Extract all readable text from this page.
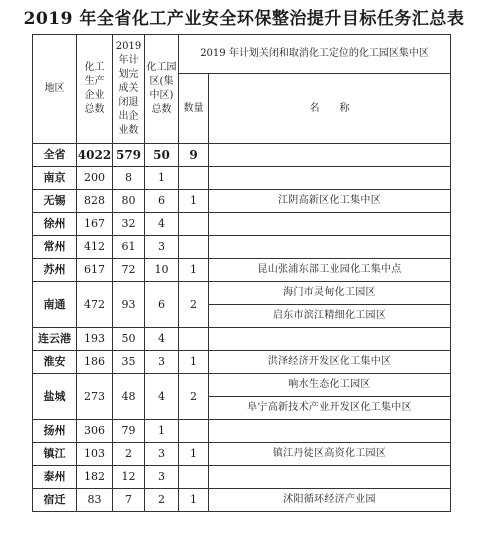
2019 年全省化工产业安全环保整治提升目标任务汇总表
地区	化工生产企业总数	2019年计划完成关闭退出企业数	化工园区(集中区)总数	2019 年计划关闭和取消化工定位的化工园区集中区	
				数量	名　　称
全省	4022	579	50	9	
南京	200	8	1		
无锡	828	80	6	1	江阴高新区化工集中区
徐州	167	32	4		
常州	412	61	3		
苏州	617	72	10	1	昆山张浦东部工业园化工集中点
南通	472	93	6	2	海门市灵甸化工园区
					启东市滨江精细化工园区
连云港	193	50	4		
淮安	186	35	3	1	洪泽经济开发区化工集中区
盐城	273	48	4	2	响水生态化工园区
					阜宁高新技术产业开发区化工集中区
扬州	306	79	1		
镇江	103	2	3	1	镇江丹徒区高资化工园区
泰州	182	12	3		
宿迁	83	7	2	1	沭阳循环经济产业园
